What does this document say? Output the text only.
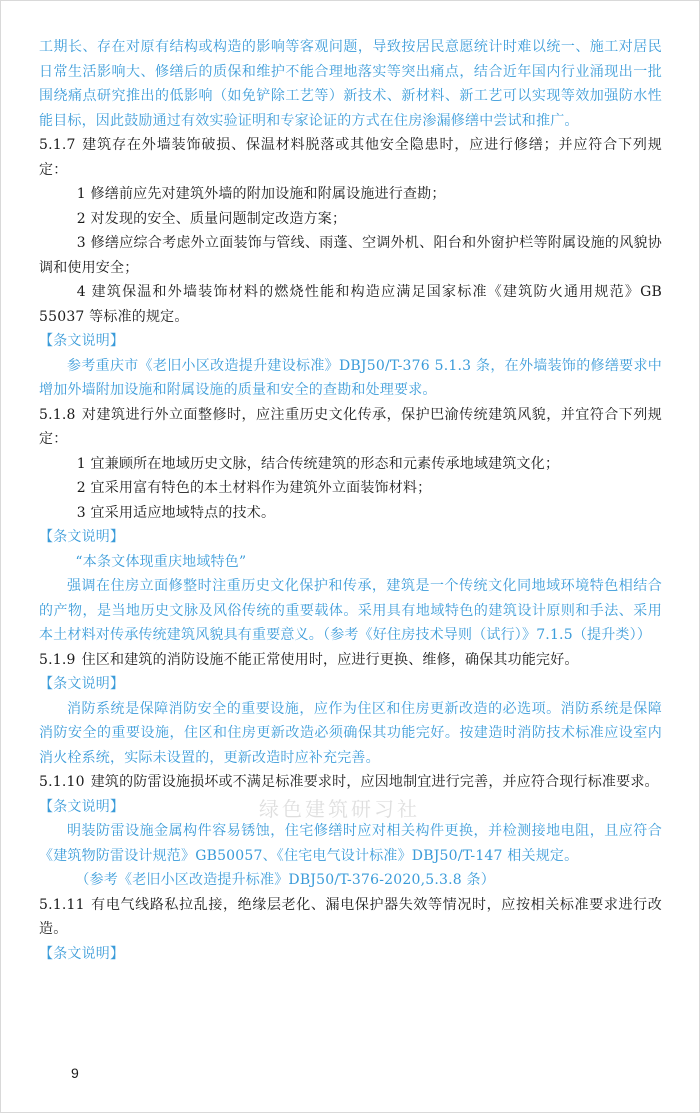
工期长、存在对原有结构或构造的影响等客观问题，导致按居民意愿统计时难以统一、施工对居民日常生活影响大、修缮后的质保和维护不能合理地落实等突出痛点，结合近年国内行业涌现出一批围绕痛点研究推出的低影响（如免铲除工艺等）新技术、新材料、新工艺可以实现等效加强防水性能目标，因此鼓励通过有效实验证明和专家论证的方式在住房渗漏修缮中尝试和推广。

5.1.7 建筑存在外墙装饰破损、保温材料脱落或其他安全隐患时，应进行修缮；并应符合下列规定：

1 修缮前应先对建筑外墙的附加设施和附属设施进行查勘；

2 对发现的安全、质量问题制定改造方案；

3 修缮应综合考虑外立面装饰与管线、雨蓬、空调外机、阳台和外窗护栏等附属设施的风貌协调和使用安全；

4 建筑保温和外墙装饰材料的燃烧性能和构造应满足国家标准《建筑防火通用规范》GB 55037 等标准的规定。

【条文说明】

参考重庆市《老旧小区改造提升建设标准》DBJ50/T-376 5.1.3 条，在外墙装饰的修缮要求中增加外墙附加设施和附属设施的质量和安全的查勘和处理要求。

5.1.8 对建筑进行外立面整修时，应注重历史文化传承，保护巴渝传统建筑风貌，并宜符合下列规定：

1 宜兼顾所在地域历史文脉，结合传统建筑的形态和元素传承地域建筑文化；

2 宜采用富有特色的本土材料作为建筑外立面装饰材料；

3 宜采用适应地域特点的技术。

【条文说明】

“本条文体现重庆地域特色”

强调在住房立面修整时注重历史文化保护和传承，建筑是一个传统文化同地域环境特色相结合的产物，是当地历史文脉及风俗传统的重要载体。采用具有地域特色的建筑设计原则和手法、采用本土材料对传承传统建筑风貌具有重要意义。（参考《好住房技术导则（试行）》7.1.5（提升类））

5.1.9 住区和建筑的消防设施不能正常使用时，应进行更换、维修，确保其功能完好。

【条文说明】

消防系统是保障消防安全的重要设施，应作为住区和住房更新改造的必选项。消防系统是保障消防安全的重要设施，住区和住房更新改造必须确保其功能完好。按建造时消防技术标准应设室内消火栓系统，实际未设置的，更新改造时应补充完善。

5.1.10 建筑的防雷设施损坏或不满足标准要求时，应因地制宜进行完善，并应符合现行标准要求。

【条文说明】

明装防雷设施金属构件容易锈蚀，住宅修缮时应对相关构件更换，并检测接地电阻，且应符合《建筑物防雷设计规范》GB50057、《住宅电气设计标准》DBJ50/T-147 相关规定。

（参考《老旧小区改造提升标准》DBJ50/T-376-2020,5.3.8 条）

5.1.11 有电气线路私拉乱接，绝缘层老化、漏电保护器失效等情况时，应按相关标准要求进行改造。

【条文说明】

绿色建筑研习社
9
